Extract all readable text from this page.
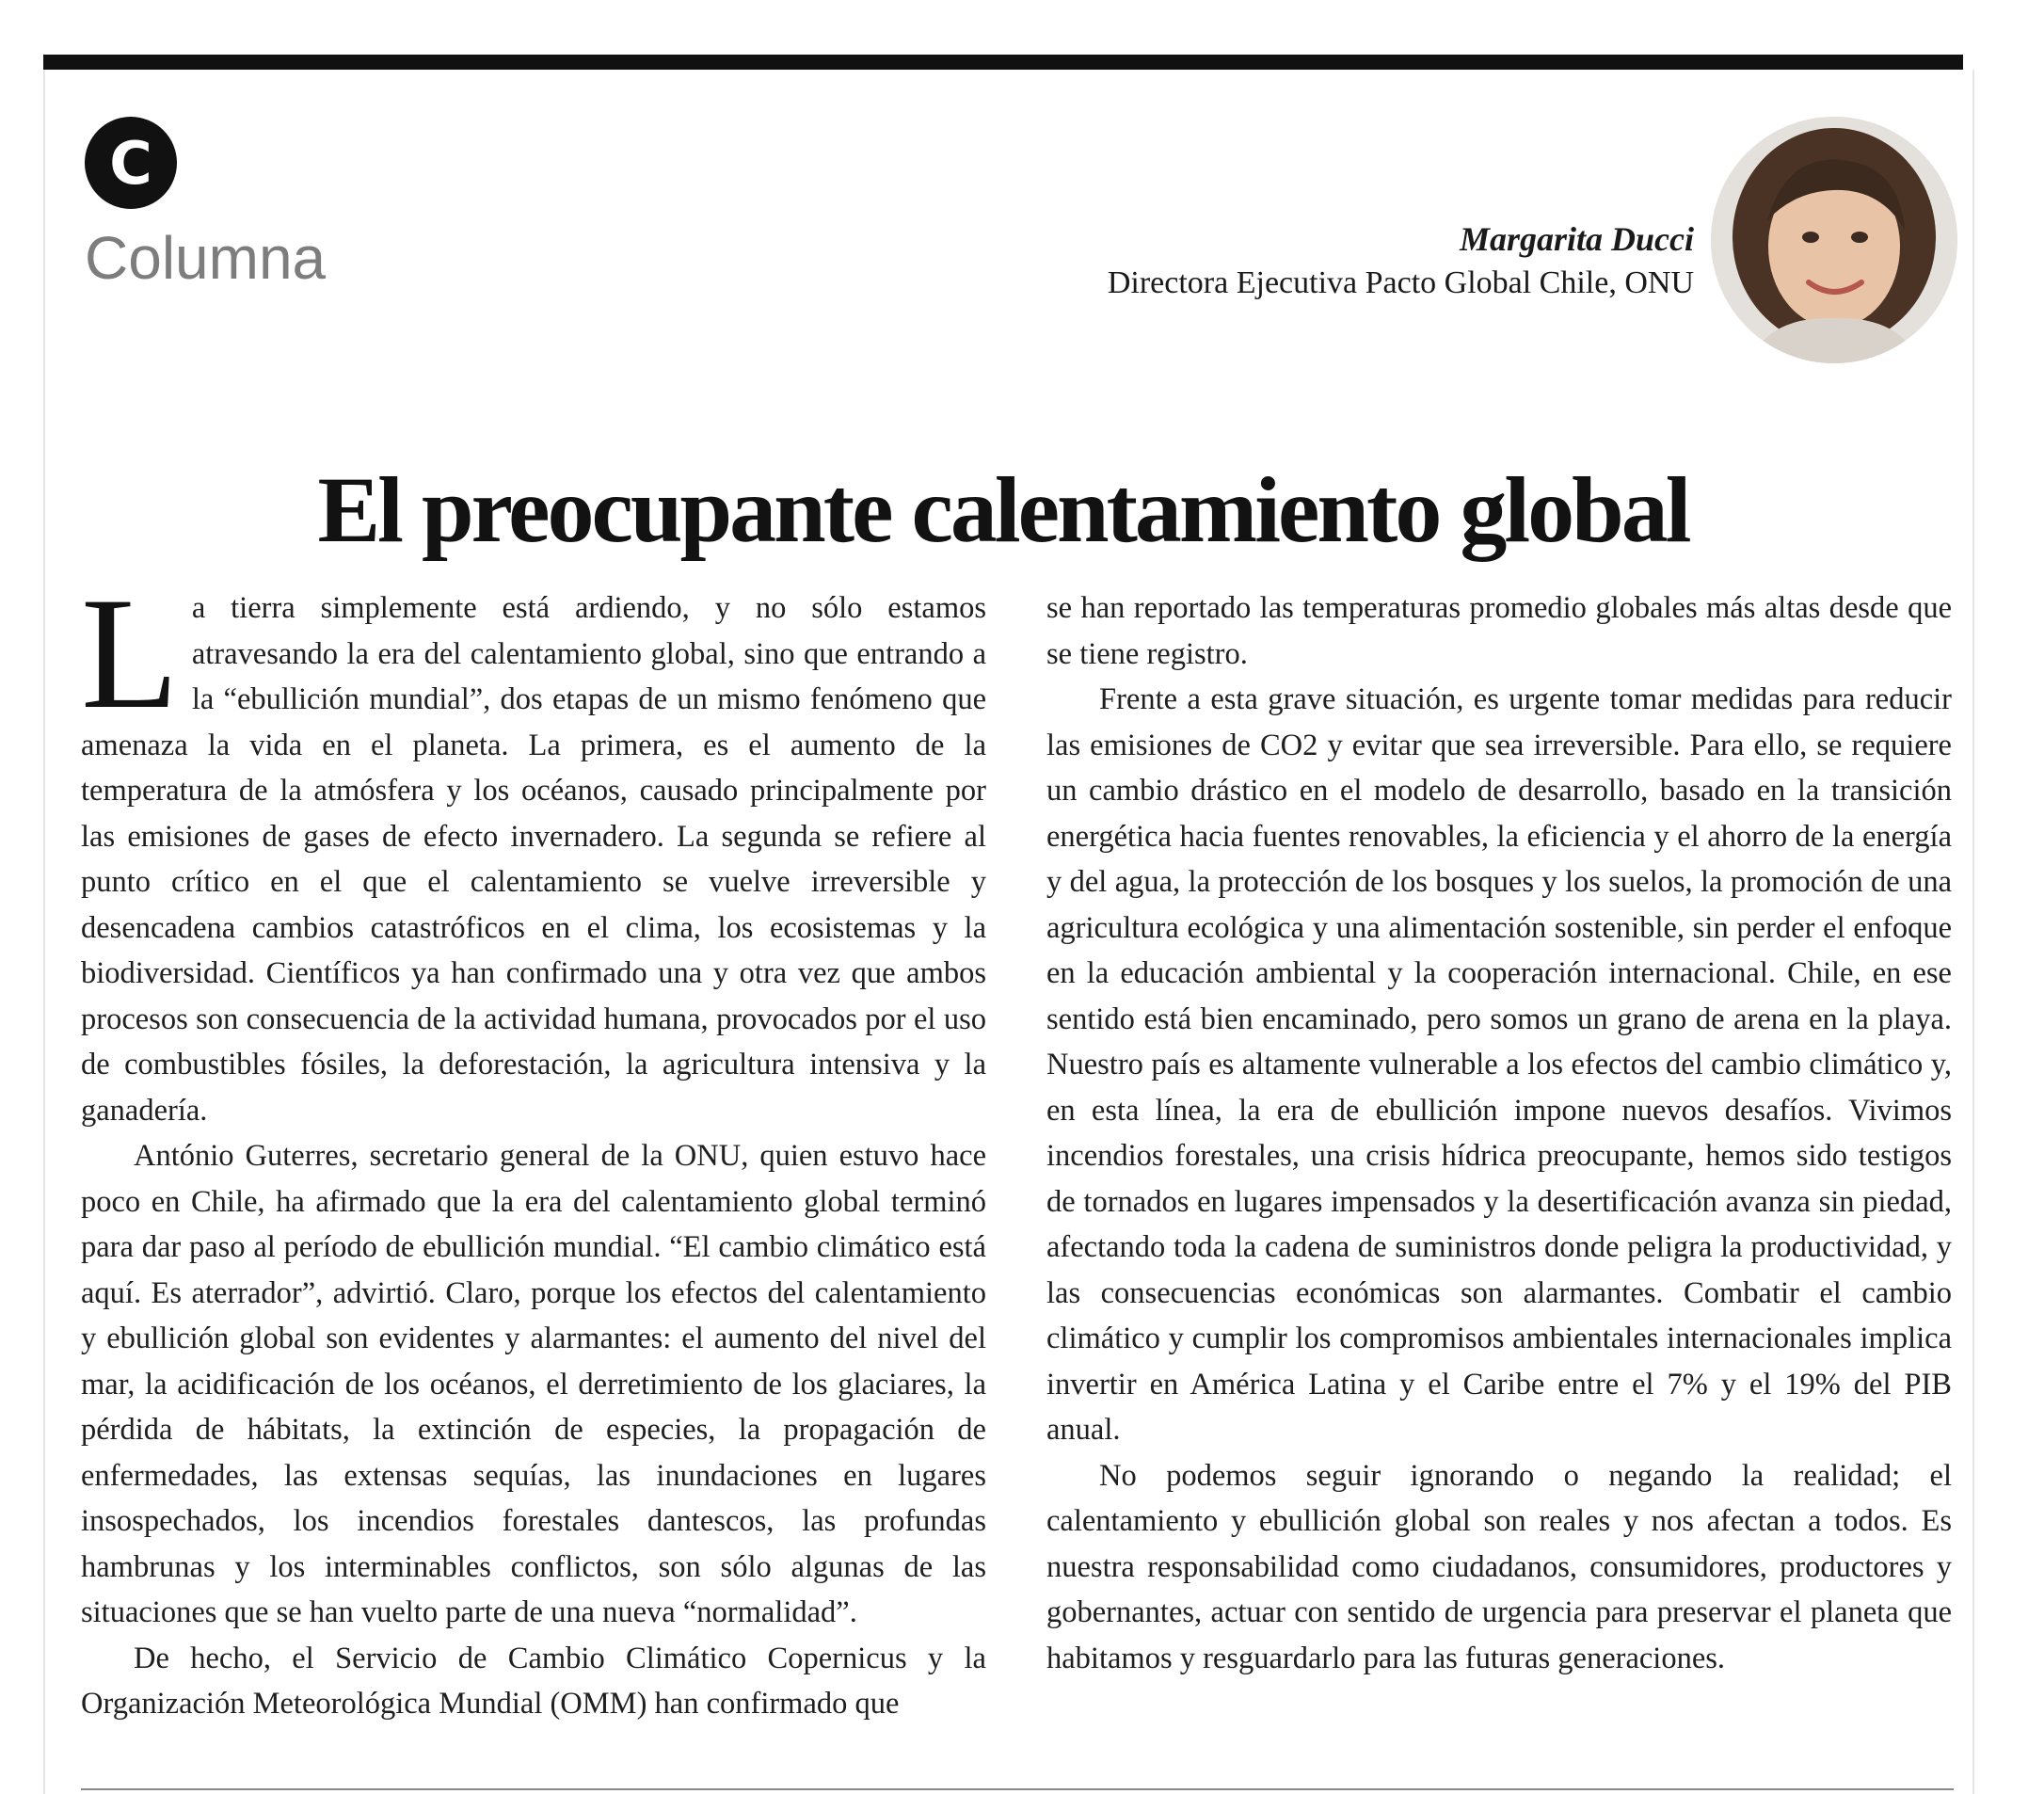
C
Columna	Margarita Ducci
Directora Ejecutiva Pacto Global Chile, ONU
El preocupante calentamiento global

La tierra simplemente está ardiendo, y no sólo estamos atravesando la era del calentamiento global, sino que entrando a la “ebullición mundial”, dos etapas de un mismo fenómeno que amenaza la vida en el planeta. La primera, es el aumento de la temperatura de la atmósfera y los océanos, causado principalmente por las emisiones de gases de efecto invernadero. La segunda se refiere al punto crítico en el que el calentamiento se vuelve irreversible y desencadena cambios catastróficos en el clima, los ecosistemas y la biodiversidad. Científicos ya han confirmado una y otra vez que ambos procesos son consecuencia de la actividad humana, provocados por el uso de combustibles fósiles, la deforestación, la agricultura intensiva y la ganadería.

António Guterres, secretario general de la ONU, quien estuvo hace poco en Chile, ha afirmado que la era del calentamiento global terminó para dar paso al período de ebullición mundial. “El cambio climático está aquí. Es aterrador”, advirtió. Claro, porque los efectos del calentamiento y ebullición global son evidentes y alarmantes: el aumento del nivel del mar, la acidificación de los océanos, el derretimiento de los glaciares, la pérdida de hábitats, la extinción de especies, la propagación de enfermedades, las extensas sequías, las inundaciones en lugares insospechados, los incendios forestales dantescos, las profundas hambrunas y los interminables conflictos, son sólo algunas de las situaciones que se han vuelto parte de una nueva “normalidad”.

De hecho, el Servicio de Cambio Climático Copernicus y la Organización Meteorológica Mundial (OMM) han confirmado que

se han reportado las temperaturas promedio globales más altas desde que se tiene registro.

Frente a esta grave situación, es urgente tomar medidas para reducir las emisiones de CO2 y evitar que sea irreversible. Para ello, se requiere un cambio drástico en el modelo de desarrollo, basado en la transición energética hacia fuentes renovables, la eficiencia y el ahorro de la energía y del agua, la protección de los bosques y los suelos, la promoción de una agricultura ecológica y una alimentación sostenible, sin perder el enfoque en la educación ambiental y la cooperación internacional. Chile, en ese sentido está bien encaminado, pero somos un grano de arena en la playa. Nuestro país es altamente vulnerable a los efectos del cambio climático y, en esta línea, la era de ebullición impone nuevos desafíos. Vivimos incendios forestales, una crisis hídrica preocupante, hemos sido testigos de tornados en lugares impensados y la desertificación avanza sin piedad, afectando toda la cadena de suministros donde peligra la productividad, y las consecuencias económicas son alarmantes. Combatir el cambio climático y cumplir los compromisos ambientales internacionales implica invertir en América Latina y el Caribe entre el 7% y el 19% del PIB anual.

No podemos seguir ignorando o negando la realidad; el calentamiento y ebullición global son reales y nos afectan a todos. Es nuestra responsabilidad como ciudadanos, consumidores, productores y gobernantes, actuar con sentido de urgencia para preservar el planeta que habitamos y resguardarlo para las futuras generaciones.
